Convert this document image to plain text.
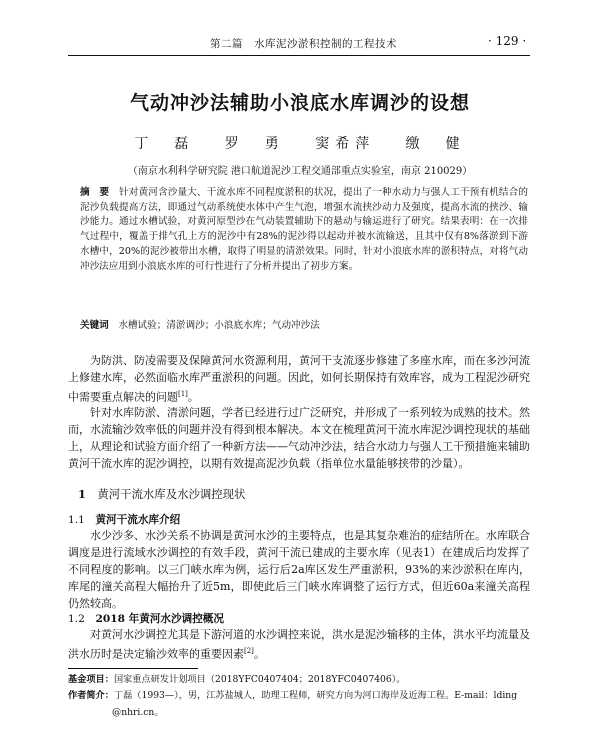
第二篇　水库泥沙淤积控制的工程技术	· 129 ·
气动冲沙法辅助小浪底水库调沙的设想
丁　磊　 罗　勇　 窦希萍　 缴　健
（南京水利科学研究院 港口航道泥沙工程交通部重点实验室，南京 210029）
摘　要　 针对黄河含沙量大、干流水库不同程度淤积的状况，提出了一种水动力与强人工干预有机结合的泥沙负载提高方法，即通过气动系统使水体中产生气泡，增强水流挟沙动力及强度，提高水流的挟沙、输沙能力。通过水槽试验，对黄河原型沙在气动装置辅助下的悬动与输运进行了研究。结果表明：在一次排气过程中，覆盖于排气孔上方的泥沙中有28%的泥沙得以起动并被水流输送，且其中仅有8%落淤到下游水槽中，20%的泥沙被带出水槽，取得了明显的清淤效果。同时，针对小浪底水库的淤积特点，对将气动冲沙法应用到小浪底水库的可行性进行了分析并提出了初步方案。
关键词　 水槽试验；清淤调沙；小浪底水库；气动冲沙法
为防洪、防凌需要及保障黄河水资源利用，黄河干支流逐步修建了多座水库，而在多沙河流上修建水库，必然面临水库严重淤积的问题。因此，如何长期保持有效库容，成为工程泥沙研究中需要重点解决的问题[1]。
针对水库防淤、清淤问题，学者已经进行过广泛研究，并形成了一系列较为成熟的技术。然而，水流输沙效率低的问题并没有得到根本解决。本文在梳理黄河干流水库泥沙调控现状的基础上，从理论和试验方面介绍了一种新方法——气动冲沙法，结合水动力与强人工干预措施来辅助黄河干流水库的泥沙调控，以期有效提高泥沙负载（指单位水量能够挟带的沙量）。
1　 黄河干流水库及水沙调控现状
1.1　 黄河干流水库介绍
水少沙多、水沙关系不协调是黄河水沙的主要特点，也是其复杂难治的症结所在。水库联合调度是进行流域水沙调控的有效手段，黄河干流已建成的主要水库（见表1）在建成后均发挥了不同程度的影响。以三门峡水库为例，运行后2a库区发生严重淤积，93%的来沙淤积在库内，库尾的潼关高程大幅抬升了近5m，即使此后三门峡水库调整了运行方式，但近60a来潼关高程仍然较高。
1.2　 2018 年黄河水沙调控概况
对黄河水沙调控尤其是下游河道的水沙调控来说，洪水是泥沙输移的主体，洪水平均流量及洪水历时是决定输沙效率的重要因素[2]。
基金项目：国家重点研发计划项目（2018YFC0407404；2018YFC0407406）。
作者简介：丁磊（1993—），男，江苏盐城人，助理工程师，研究方向为河口海岸及近海工程。E-mail：lding
@nhri.cn。
